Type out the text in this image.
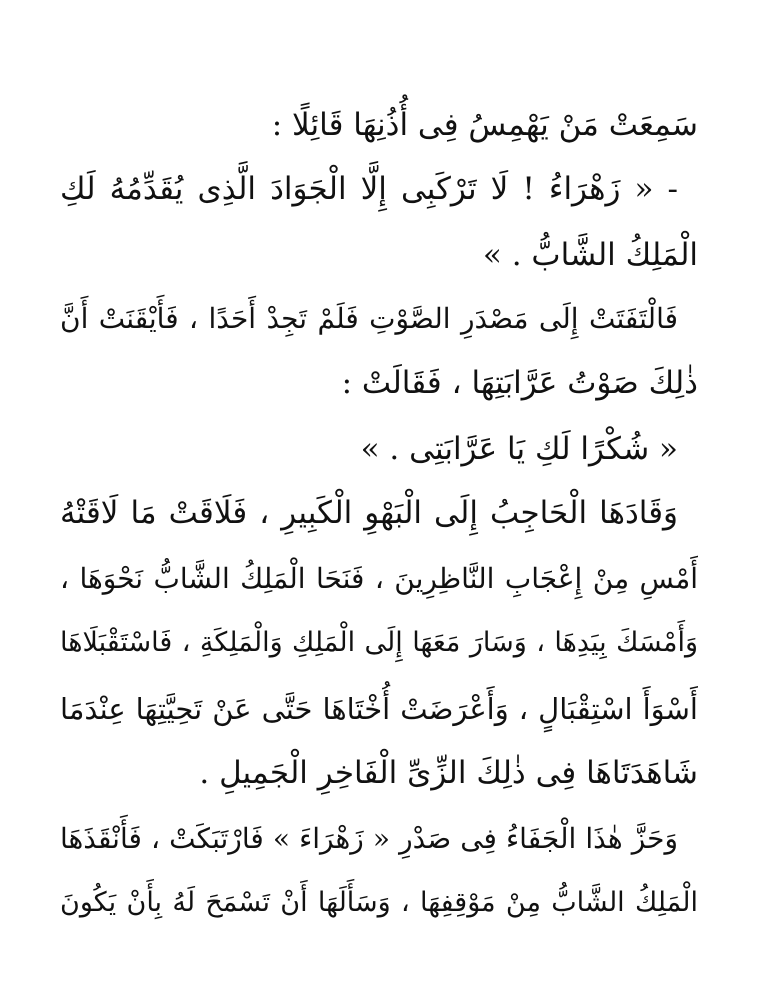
سَمِعَتْ مَنْ يَهْمِسُ فِى أُذُنِهَا قَائِلًا :
- « زَهْرَاءُ ! لَا تَرْكَبِى إِلَّا الْجَوَادَ الَّذِى يُقَدِّمُهُ لَكِ
الْمَلِكُ الشَّابُّ . »
فَالْتَفَتَتْ إِلَى مَصْدَرِ الصَّوْتِ فَلَمْ تَجِدْ أَحَدًا ، فَأَيْقَنَتْ أَنَّ
ذٰلِكَ صَوْتُ عَرَّابَتِهَا ، فَقَالَتْ :
« شُكْرًا لَكِ يَا عَرَّابَتِى . »
وَقَادَهَا الْحَاجِبُ إِلَى الْبَهْوِ الْكَبِيرِ ، فَلَاقَتْ مَا لَاقَتْهُ
أَمْسِ مِنْ إِعْجَابِ النَّاظِرِينَ ، فَنَحَا الْمَلِكُ الشَّابُّ نَحْوَهَا ،
وَأَمْسَكَ بِيَدِهَا ، وَسَارَ مَعَهَا إِلَى الْمَلِكِ وَالْمَلِكَةِ ، فَاسْتَقْبَلَاهَا
أَسْوَأَ اسْتِقْبَالٍ ، وَأَعْرَضَتْ أُخْتَاهَا حَتَّى عَنْ تَحِيَّتِهَا عِنْدَمَا
شَاهَدَتَاهَا فِى ذٰلِكَ الزِّىِّ الْفَاخِرِ الْجَمِيلِ .
وَحَزَّ هٰذَا الْجَفَاءُ فِى صَدْرِ « زَهْرَاءَ » فَارْتَبَكَتْ ، فَأَنْقَذَهَا
الْمَلِكُ الشَّابُّ مِنْ مَوْقِفِهَا ، وَسَأَلَهَا أَنْ تَسْمَحَ لَهُ بِأَنْ يَكُونَ
